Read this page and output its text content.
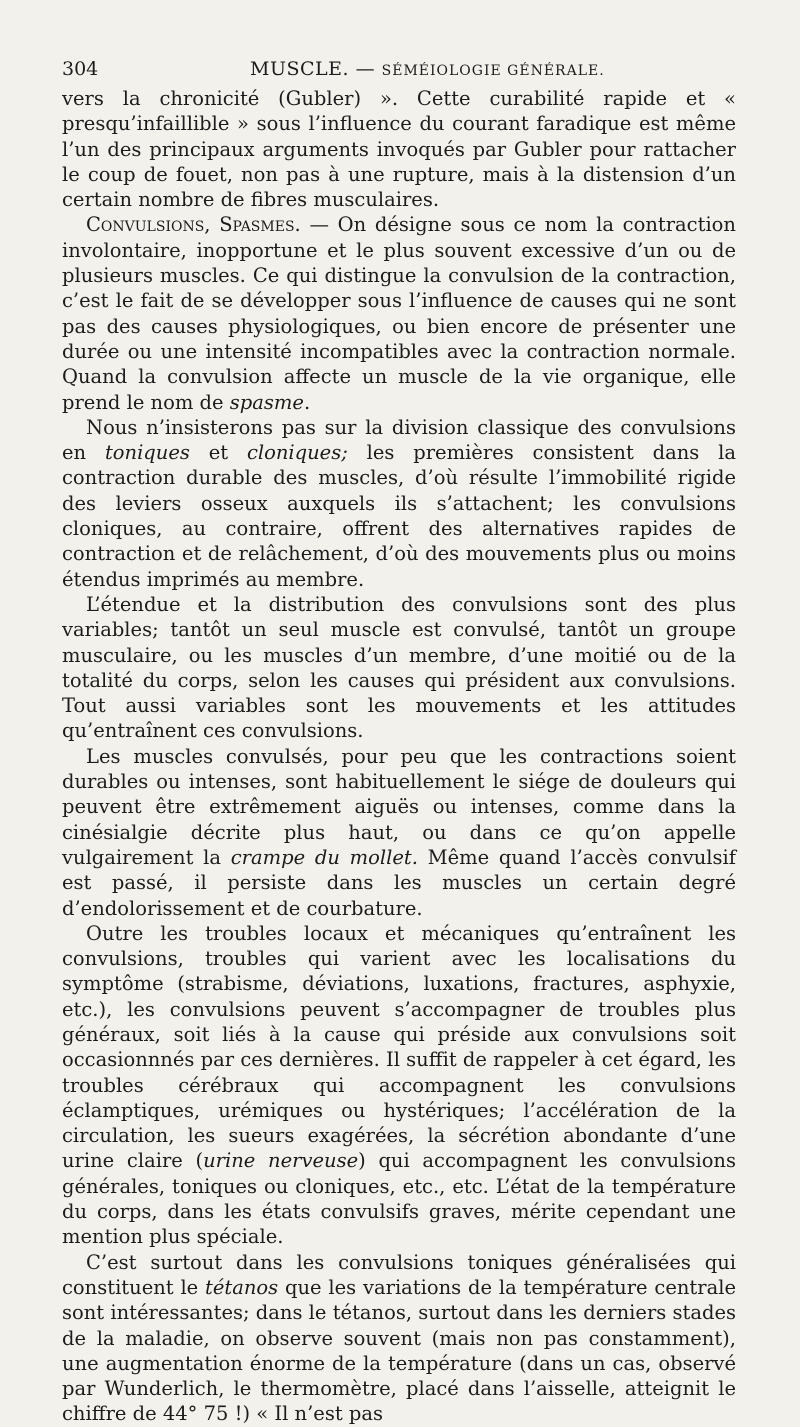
304	MUSCLE. — SÉMÉIOLOGIE GÉNÉRALE.

vers la chronicité (Gubler) ». Cette curabilité rapide et « presqu’infaillible » sous l’influence du courant faradique est même l’un des principaux arguments invoqués par Gubler pour rattacher le coup de fouet, non pas à une rupture, mais à la distension d’un certain nombre de fibres musculaires.

Convulsions, Spasmes. — On désigne sous ce nom la contraction involontaire, inopportune et le plus souvent excessive d’un ou de plusieurs muscles. Ce qui distingue la convulsion de la contraction, c’est le fait de se développer sous l’influence de causes qui ne sont pas des causes physiologiques, ou bien encore de présenter une durée ou une intensité incompatibles avec la contraction normale. Quand la convulsion affecte un muscle de la vie organique, elle prend le nom de spasme.

Nous n’insisterons pas sur la division classique des convulsions en toniques et cloniques; les premières consistent dans la contraction durable des muscles, d’où résulte l’immobilité rigide des leviers osseux auxquels ils s’attachent; les convulsions cloniques, au contraire, offrent des alternatives rapides de contraction et de relâchement, d’où des mouvements plus ou moins étendus imprimés au membre.

L’étendue et la distribution des convulsions sont des plus variables; tantôt un seul muscle est convulsé, tantôt un groupe musculaire, ou les muscles d’un membre, d’une moitié ou de la totalité du corps, selon les causes qui président aux convulsions. Tout aussi variables sont les mouvements et les attitudes qu’entraînent ces convulsions.

Les muscles convulsés, pour peu que les contractions soient durables ou intenses, sont habituellement le siége de douleurs qui peuvent être extrêmement aiguës ou intenses, comme dans la cinésialgie décrite plus haut, ou dans ce qu’on appelle vulgairement la crampe du mollet. Même quand l’accès convulsif est passé, il persiste dans les muscles un certain degré d’endolorissement et de courbature.

Outre les troubles locaux et mécaniques qu’entraînent les convulsions, troubles qui varient avec les localisations du symptôme (strabisme, déviations, luxations, fractures, asphyxie, etc.), les convulsions peuvent s’accompagner de troubles plus généraux, soit liés à la cause qui préside aux convulsions soit occasionnnés par ces dernières. Il suffit de rappeler à cet égard, les troubles cérébraux qui accompagnent les convulsions éclamptiques, urémiques ou hystériques; l’accélération de la circulation, les sueurs exagérées, la sécrétion abondante d’une urine claire (urine nerveuse) qui accompagnent les convulsions générales, toniques ou cloniques, etc., etc. L’état de la température du corps, dans les états convulsifs graves, mérite cependant une mention plus spéciale.

C’est surtout dans les convulsions toniques généralisées qui constituent le tétanos que les variations de la température centrale sont intéressantes; dans le tétanos, surtout dans les derniers stades de la maladie, on observe souvent (mais non pas constamment), une augmentation énorme de la température (dans un cas, observé par Wunderlich, le thermomètre, placé dans l’aisselle, atteignit le chiffre de 44° 75 !) « Il n’est pas
